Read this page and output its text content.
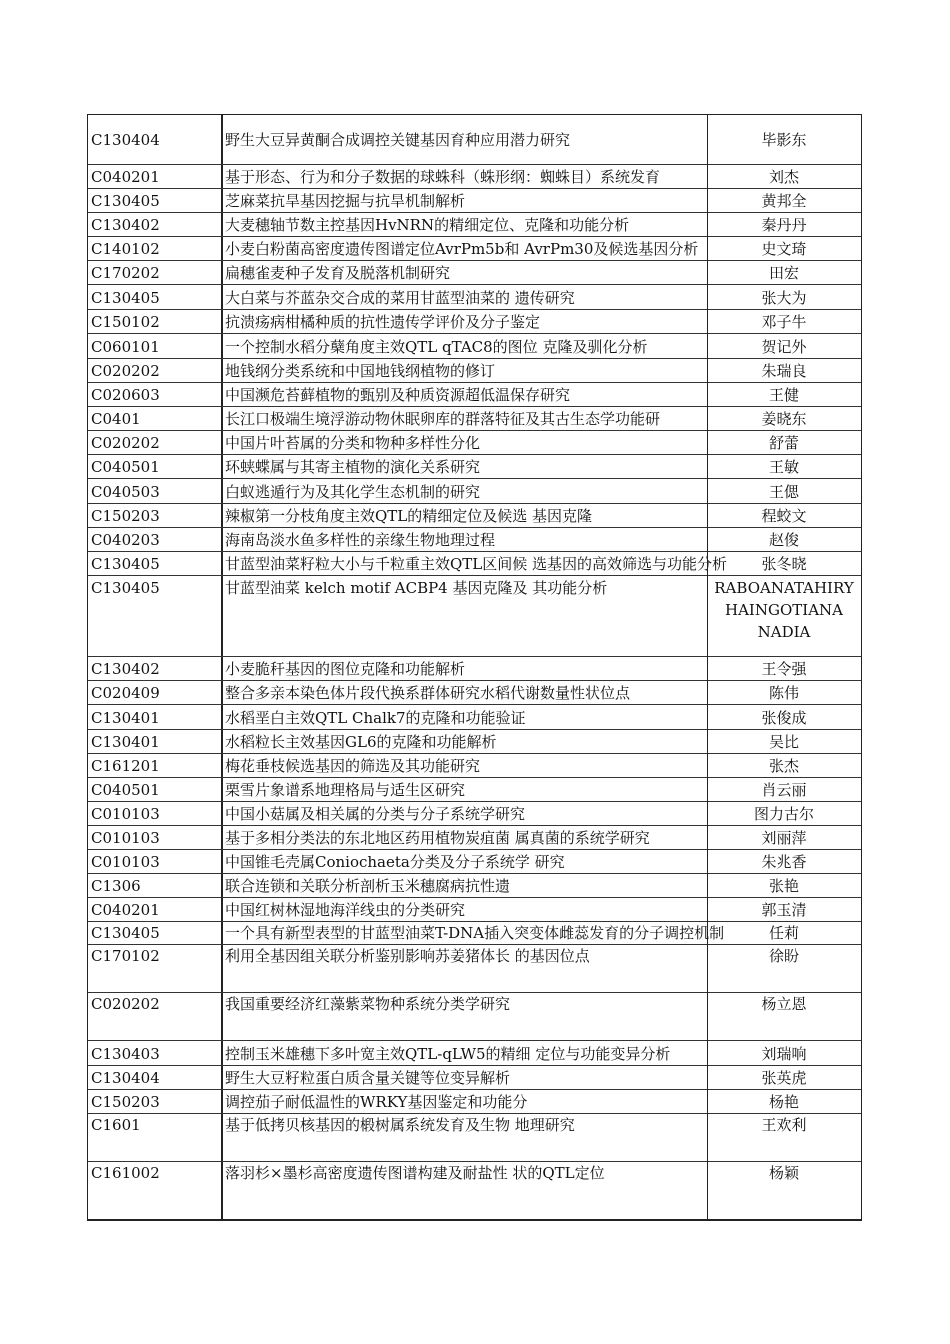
C130404	野生大豆异黄酮合成调控关键基因育种应用潜力研究	毕影东
C040201	基于形态、行为和分子数据的球蛛科（蛛形纲：蜘蛛目）系统发育	刘杰
C130405	芝麻菜抗旱基因挖掘与抗旱机制解析	黄邦全
C130402	大麦穗轴节数主控基因HvNRN的精细定位、克隆和功能分析	秦丹丹
C140102	小麦白粉菌高密度遗传图谱定位AvrPm5b和 AvrPm30及候选基因分析	史文琦
C170202	扁穗雀麦种子发育及脱落机制研究	田宏
C130405	大白菜与芥蓝杂交合成的菜用甘蓝型油菜的 遗传研究	张大为
C150102	抗溃疡病柑橘种质的抗性遗传学评价及分子鉴定	邓子牛
C060101	一个控制水稻分蘖角度主效QTL qTAC8的图位 克隆及驯化分析	贺记外
C020202	地钱纲分类系统和中国地钱纲植物的修订	朱瑞良
C020603	中国濒危苔藓植物的甄别及种质资源超低温保存研究	王健
C0401	长江口极端生境浮游动物休眠卵库的群落特征及其古生态学功能研	姜晓东
C020202	中国片叶苔属的分类和物种多样性分化	舒蕾
C040501	环蛱蝶属与其寄主植物的演化关系研究	王敏
C040503	白蚁逃遁行为及其化学生态机制的研究	王偲
C150203	辣椒第一分枝角度主效QTL的精细定位及候选 基因克隆	程蛟文
C040203	海南岛淡水鱼多样性的亲缘生物地理过程	赵俊
C130405	甘蓝型油菜籽粒大小与千粒重主效QTL区间候 选基因的高效筛选与功能分析	张冬晓
C130405	甘蓝型油菜 kelch motif ACBP4 基因克隆及 其功能分析	RABOANATAHIRY HAINGOTIANA NADIA
C130402	小麦脆秆基因的图位克隆和功能解析	王令强
C020409	整合多亲本染色体片段代换系群体研究水稻代谢数量性状位点	陈伟
C130401	水稻垩白主效QTL Chalk7的克隆和功能验证	张俊成
C130401	水稻粒长主效基因GL6的克隆和功能解析	吴比
C161201	梅花垂枝候选基因的筛选及其功能研究	张杰
C040501	栗雪片象谱系地理格局与适生区研究	肖云丽
C010103	中国小菇属及相关属的分类与分子系统学研究	图力古尔
C010103	基于多相分类法的东北地区药用植物炭疽菌 属真菌的系统学研究	刘丽萍
C010103	中国锥毛壳属Coniochaeta分类及分子系统学 研究	朱兆香
C1306	联合连锁和关联分析剖析玉米穗腐病抗性遗	张艳
C040201	中国红树林湿地海洋线虫的分类研究	郭玉清
C130405	一个具有新型表型的甘蓝型油菜T-DNA插入突变体雌蕊发育的分子调控机制	任莉
C170102	利用全基因组关联分析鉴别影响苏姜猪体长 的基因位点	徐盼
C020202	我国重要经济红藻紫菜物种系统分类学研究	杨立恩
C130403	控制玉米雄穗下多叶宽主效QTL-qLW5的精细 定位与功能变异分析	刘瑞响
C130404	野生大豆籽粒蛋白质含量关键等位变异解析	张英虎
C150203	调控茄子耐低温性的WRKY基因鉴定和功能分	杨艳
C1601	基于低拷贝核基因的椴树属系统发育及生物 地理研究	王欢利
C161002	落羽杉×墨杉高密度遗传图谱构建及耐盐性 状的QTL定位	杨颖
